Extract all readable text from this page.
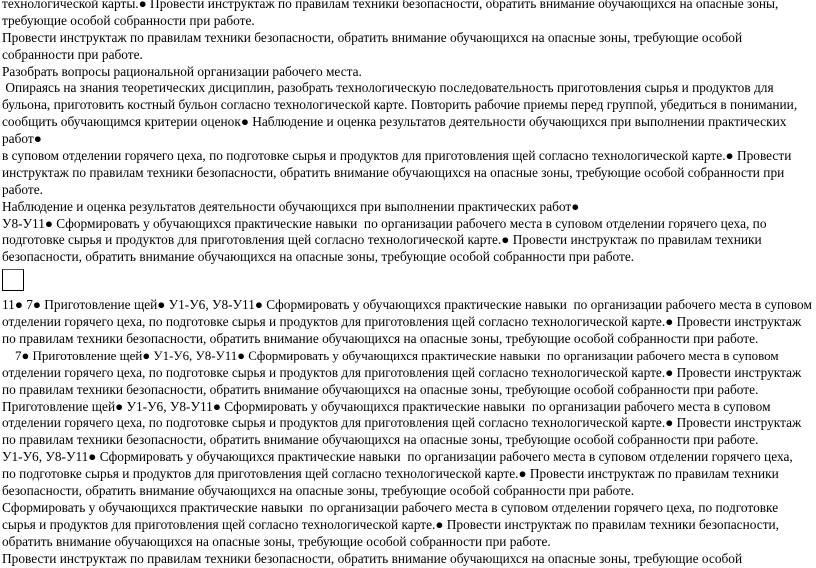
технологической карты.● Провести инструктаж по правилам техники безопасности, обратить внимание обучающихся на опасные зоны,
требующие особой собранности при работе.
Провести инструктаж по правилам техники безопасности, обратить внимание обучающихся на опасные зоны, требующие особой
собранности при работе.
Разобрать вопросы рациональной организации рабочего места.
Опираясь на знания теоретических дисциплин, разобрать технологическую последовательность приготовления сырья и продуктов для
бульона, приготовить костный бульон согласно технологической карте. Повторить рабочие приемы перед группой, убедиться в понимании,
сообщить обучающимся критерии оценок● Наблюдение и оценка результатов деятельности обучающихся при выполнении практических
работ●
в суповом отделении горячего цеха, по подготовке сырья и продуктов для приготовления щей согласно технологической карте.● Провести
инструктаж по правилам техники безопасности, обратить внимание обучающихся на опасные зоны, требующие особой собранности при
работе.
Наблюдение и оценка результатов деятельности обучающихся при выполнении практических работ●
У8-У11● Сформировать у обучающихся практические навыки  по организации рабочего места в суповом отделении горячего цеха, по
подготовке сырья и продуктов для приготовления щей согласно технологической карте.● Провести инструктаж по правилам техники
безопасности, обратить внимание обучающихся на опасные зоны, требующие особой собранности при работе.
11● 7● Приготовление щей● У1-У6, У8-У11● Сформировать у обучающихся практические навыки  по организации рабочего места в суповом
отделении горячего цеха, по подготовке сырья и продуктов для приготовления щей согласно технологической карте.● Провести инструктаж
по правилам техники безопасности, обратить внимание обучающихся на опасные зоны, требующие особой собранности при работе.
7● Приготовление щей● У1-У6, У8-У11● Сформировать у обучающихся практические навыки  по организации рабочего места в суповом
отделении горячего цеха, по подготовке сырья и продуктов для приготовления щей согласно технологической карте.● Провести инструктаж
по правилам техники безопасности, обратить внимание обучающихся на опасные зоны, требующие особой собранности при работе.
Приготовление щей● У1-У6, У8-У11● Сформировать у обучающихся практические навыки  по организации рабочего места в суповом
отделении горячего цеха, по подготовке сырья и продуктов для приготовления щей согласно технологической карте.● Провести инструктаж
по правилам техники безопасности, обратить внимание обучающихся на опасные зоны, требующие особой собранности при работе.
У1-У6, У8-У11● Сформировать у обучающихся практические навыки  по организации рабочего места в суповом отделении горячего цеха,
по подготовке сырья и продуктов для приготовления щей согласно технологической карте.● Провести инструктаж по правилам техники
безопасности, обратить внимание обучающихся на опасные зоны, требующие особой собранности при работе.
Сформировать у обучающихся практические навыки  по организации рабочего места в суповом отделении горячего цеха, по подготовке
сырья и продуктов для приготовления щей согласно технологической карте.● Провести инструктаж по правилам техники безопасности,
обратить внимание обучающихся на опасные зоны, требующие особой собранности при работе.
Провести инструктаж по правилам техники безопасности, обратить внимание обучающихся на опасные зоны, требующие особой
